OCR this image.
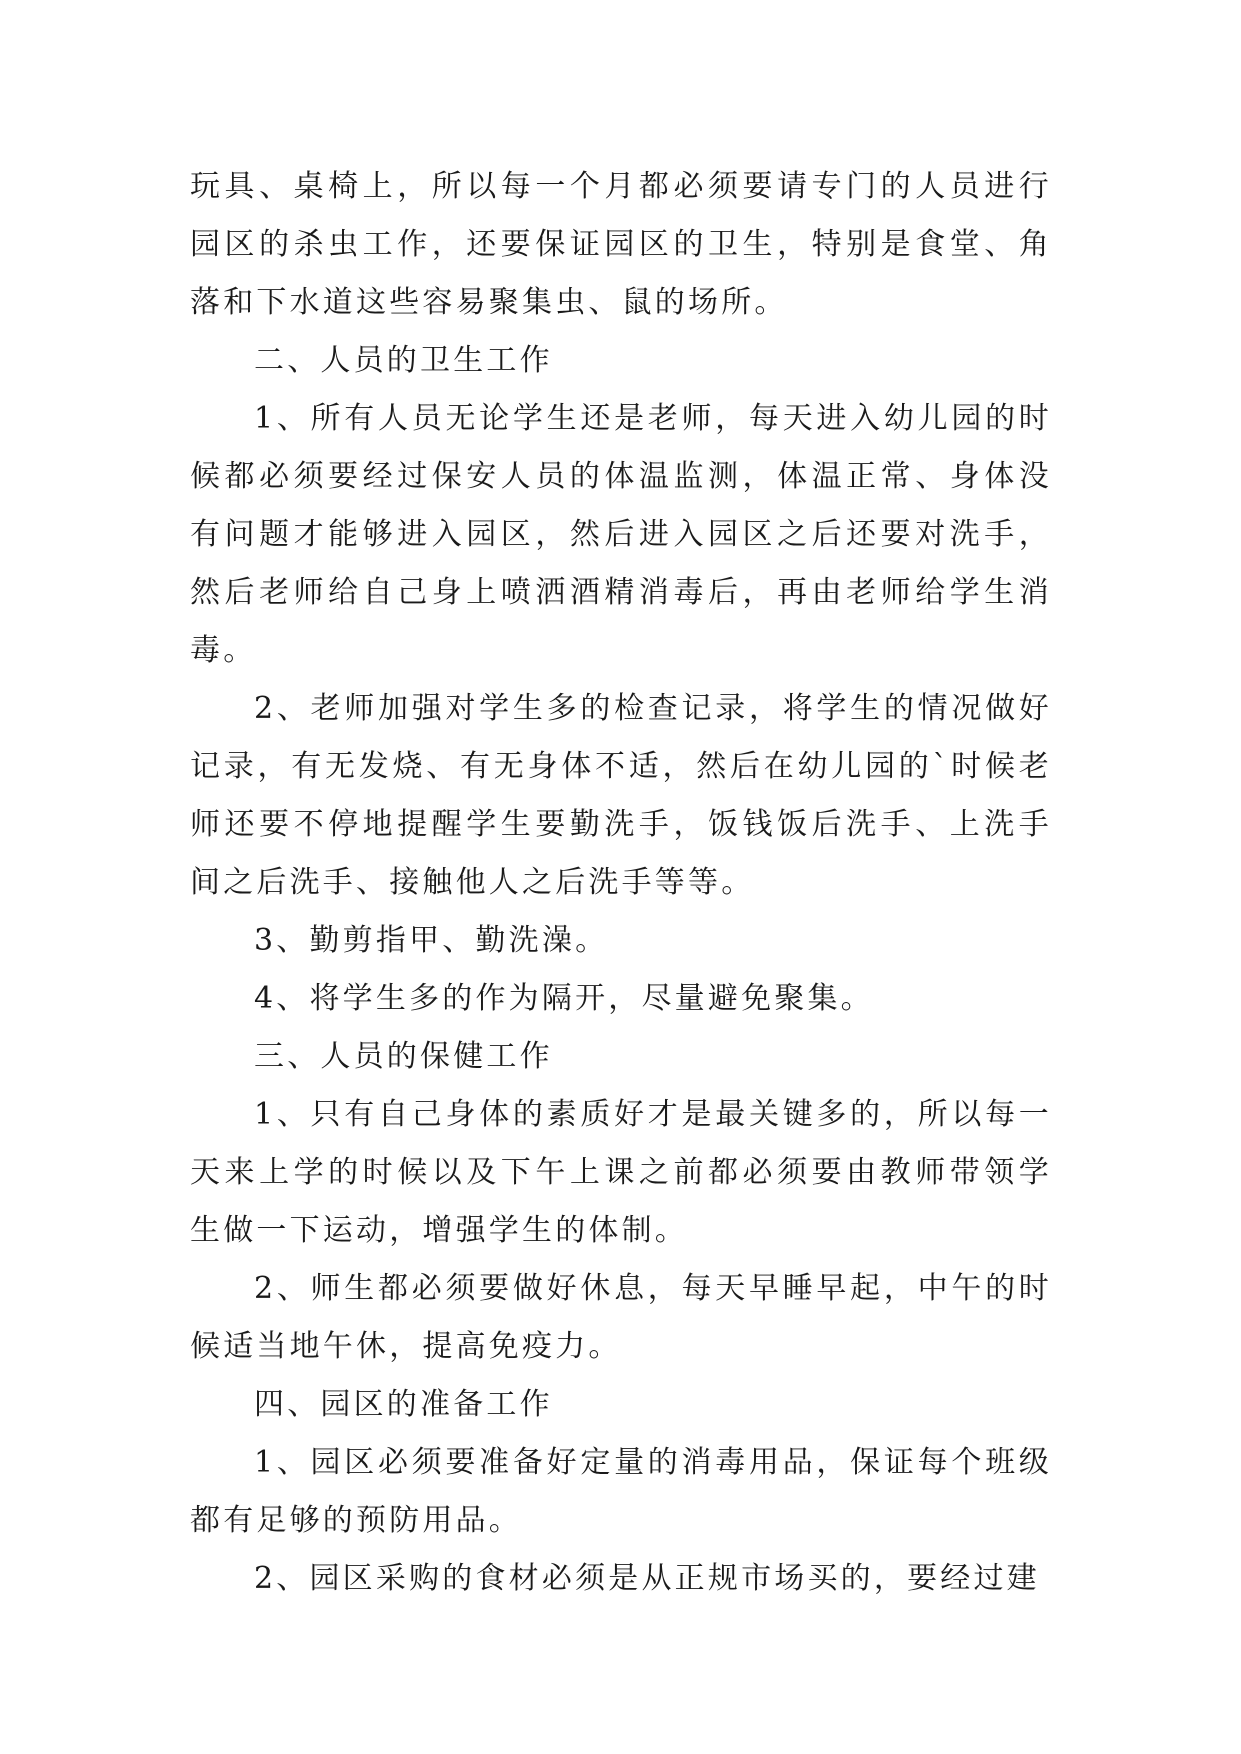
玩具、桌椅上，所以每一个月都必须要请专门的人员进行园区的杀虫工作，还要保证园区的卫生，特别是食堂、角落和下水道这些容易聚集虫、鼠的场所。

二、人员的卫生工作

1、所有人员无论学生还是老师，每天进入幼儿园的时候都必须要经过保安人员的体温监测，体温正常、身体没有问题才能够进入园区，然后进入园区之后还要对洗手，然后老师给自己身上喷洒酒精消毒后，再由老师给学生消毒。

2、老师加强对学生多的检查记录，将学生的情况做好记录，有无发烧、有无身体不适，然后在幼儿园的`时候老师还要不停地提醒学生要勤洗手，饭钱饭后洗手、上洗手间之后洗手、接触他人之后洗手等等。

3、勤剪指甲、勤洗澡。

4、将学生多的作为隔开，尽量避免聚集。

三、人员的保健工作

1、只有自己身体的素质好才是最关键多的，所以每一天来上学的时候以及下午上课之前都必须要由教师带领学生做一下运动，增强学生的体制。

2、师生都必须要做好休息，每天早睡早起，中午的时候适当地午休，提高免疫力。

四、园区的准备工作

1、园区必须要准备好定量的消毒用品，保证每个班级都有足够的预防用品。

2、园区采购的食材必须是从正规市场买的，要经过建
